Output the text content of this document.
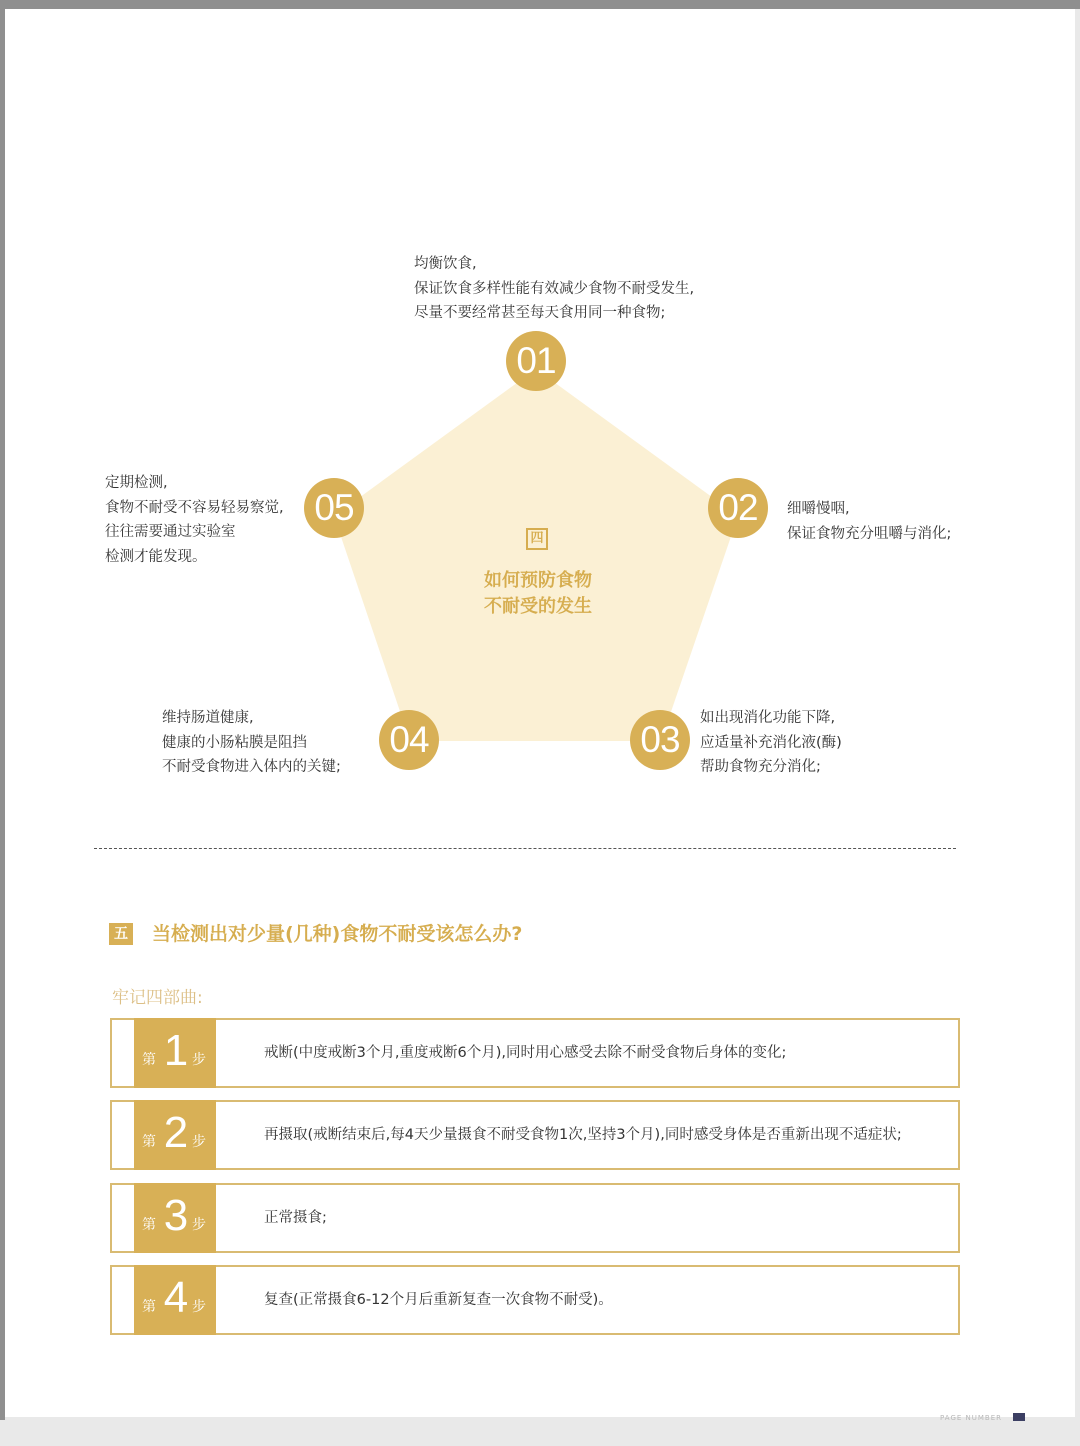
均衡饮食,
保证饮食多样性能有效减少食物不耐受发生,
尽量不要经常甚至每天食用同一种食物;
01
02	细嚼慢咽,
保证食物充分咀嚼与消化;
03
如出现消化功能下降,
应适量补充消化液(酶)
帮助食物充分消化;
维持肠道健康,
健康的小肠粘膜是阻挡
不耐受食物进入体内的关键;
04
定期检测,
食物不耐受不容易轻易察觉,
往往需要通过实验室
检测才能发现。
05
四
如何预防食物
不耐受的发生
五 当检测出对少量(几种)食物不耐受该怎么办?
牢记四部曲:
第 1 步	戒断(中度戒断3个月,重度戒断6个月),同时用心感受去除不耐受食物后身体的变化;
第 2 步	再摄取(戒断结束后,每4天少量摄食不耐受食物1次,坚持3个月),同时感受身体是否重新出现不适症状;
第 3 步	正常摄食;
第 4 步	复查(正常摄食6-12个月后重新复查一次食物不耐受)。
PAGE NUMBER
